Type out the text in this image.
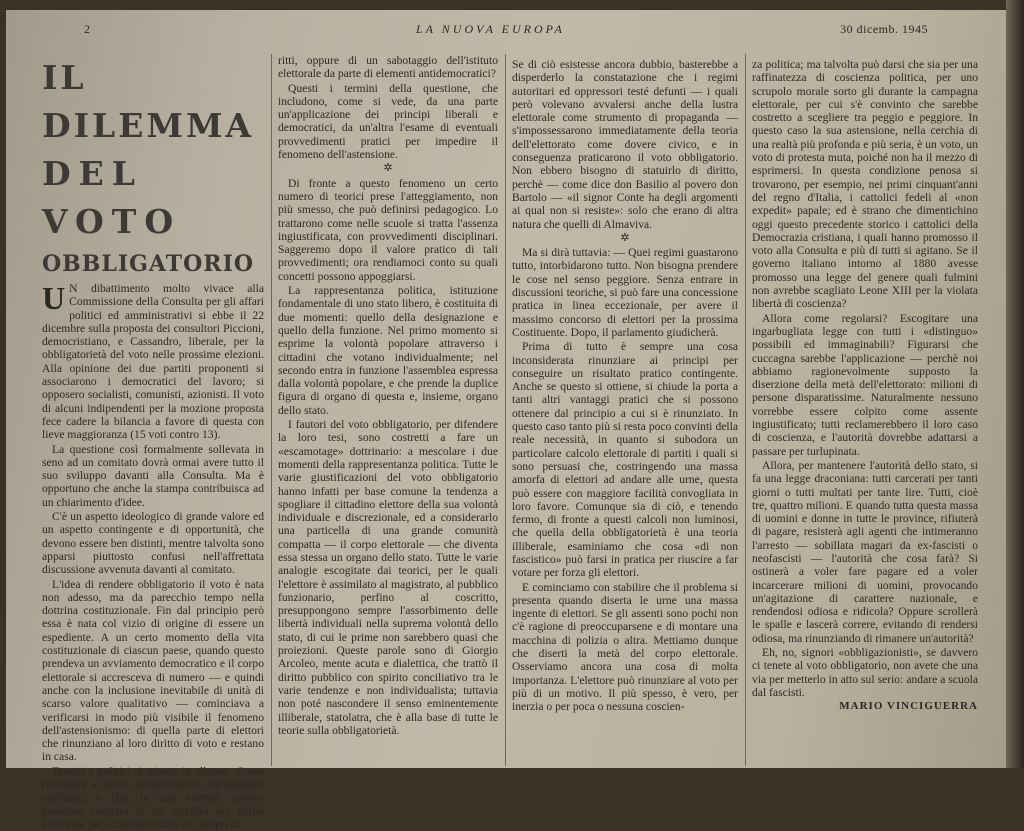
2	LA NUOVA EUROPA	30 dicemb. 1945
IL DILEMMA
DEL VOTO
OBBLIGATORIO

U N dibattimento molto vivace alla Commissione della Consulta per gli affari politici ed amministrativi si ebbe il 22 dicembre sulla proposta dei consultori Piccioni, democristiano, e Cassandro, liberale, per la obbligatorietà del voto nelle prossime elezioni. Alla opinione dei due partiti proponenti si associarono i democratici del lavoro; si opposero socialisti, comunisti, azionisti. Il voto di alcuni indipendenti per la mozione proposta fece cadere la bilancia a favore di questa con lieve maggioranza (15 voti contro 13).

La questione così formalmente sollevata in seno ad un comitato dovrà ormai avere tutto il suo sviluppo davanti alla Consulta. Ma è opportuno che anche la stampa contribuisca ad un chiarimento d'idee.

C'è un aspetto ideologico di grande valore ed un aspetto contingente e di opportunità, che devono essere ben distinti, mentre talvolta sono apparsi piuttosto confusi nell'affrettata discussione avvenuta davanti al comitato.

L'idea di rendere obbligatorio il voto è nata non adesso, ma da parecchio tempo nella dottrina costituzionale. Fin dal principio però essa è nata col vizio di origine di essere un espediente. A un certo momento della vita costituzionale di ciascun paese, quando questo prendeva un avviamento democratico e il corpo elettorale si accresceva di numero — e quindi anche con la inclusione inevitabile di unità di scarso valore qualitativo — cominciava a verificarsi in modo più visibile il fenomeno dell'astensionismo: di quella parte di elettori che rinunziano al loro diritto di voto e restano in casa.

Teorici e politici si misero in allarme. Come rimediare a questo inconveniente dell'allargato suffragio, e che, in casi estremi, poteva prendere l'aspetto di un suicidio del corpo elettorale per incomprensione dei propri di

ritti, oppure di un sabotaggio dell'istituto elettorale da parte di elementi antidemocratici?

Questi i termini della questione, che includono, come si vede, da una parte un'applicazione dei principi liberali e democratici, da un'altra l'esame di eventuali provvedimenti pratici per impedire il fenomeno dell'astensione.

✲

Di fronte a questo fenomeno un certo numero di teorici prese l'atteggiamento, non più smesso, che può definirsi pedagogico. Lo trattarono come nelle scuole si tratta l'assenza ingiustificata, con provvedimenti disciplinari. Saggeremo dopo il valore pratico di tali provvedimenti; ora rendiamoci conto su quali concetti possono appoggiarsi.

La rappresentanza politica, istituzione fondamentale di uno stato libero, è costituita di due momenti: quello della designazione e quello della funzione. Nel primo momento si esprime la volontà popolare attraverso i cittadini che votano individualmente; nel secondo entra in funzione l'assemblea espressa dalla volontà popolare, e che prende la duplice figura di organo di questa e, insieme, organo dello stato.

I fautori del voto obbligatorio, per difendere la loro tesi, sono costretti a fare un «escamotage» dottrinario: a mescolare i due momenti della rappresentanza politica. Tutte le varie giustificazioni del voto obbligatorio hanno infatti per base comune la tendenza a spogliare il cittadino elettore della sua volontà individuale e discrezionale, ed a considerarlo una particella di una grande comunità compatta — il corpo elettorale — che diventa essa stessa un organo dello stato. Tutte le varie analogie escogitate dai teorici, per le quali l'elettore è assimilato al magistrato, al pubblico funzionario, perfino al coscritto, presuppongono sempre l'assorbimento delle libertà individuali nella suprema volontà dello stato, di cui le prime non sarebbero quasi che proiezioni. Queste parole sono di Giorgio Arcoleo, mente acuta e dialettica, che trattò il diritto pubblico con spirito conciliativo tra le varie tendenze e non individualista; tuttavia non poté nascondere il senso eminentemente illiberale, statolatra, che è alla base di tutte le teorie sulla obbligatorietà.

Se di ciò esistesse ancora dubbio, basterebbe a disperderlo la constatazione che i regimi autoritari ed oppressori testé defunti — i quali però volevano avvalersi anche della lustra elettorale come strumento di propaganda — s'impossessarono immediatamente della teoria dell'elettorato come dovere civico, e in conseguenza praticarono il voto obbligatorio. Non ebbero bisogno di statuirlo di diritto, perchè — come dice don Basilio al povero don Bartolo — «il signor Conte ha degli argomenti ai qual non si resiste»: solo che erano di altra natura che quelli di Almaviva.

✲

Ma si dirà tuttavia: — Quei regimi guastarono tutto, intorbidarono tutto. Non bisogna prendere le cose nel senso peggiore. Senza entrare in discussioni teoriche, si può fare una concessione pratica in linea eccezionale, per avere il massimo concorso di elettori per la prossima Costituente. Dopo, il parlamento giudicherà.

Prima di tutto è sempre una cosa inconsiderata rinunziare ai principi per conseguire un risultato pratico contingente. Anche se questo si ottiene, si chiude la porta a tanti altri vantaggi pratici che si possono ottenere dal principio a cui si è rinunziato. In questo caso tanto più si resta poco convinti della reale necessità, in quanto si subodora un particolare calcolo elettorale di partiti i quali si sono persuasi che, costringendo una massa amorfa di elettori ad andare alle urne, questa può essere con maggiore facilità convogliata in loro favore. Comunque sia di ciò, e tenendo fermo, di fronte a questi calcoli non luminosi, che quella della obbligatorietà è una teoria illiberale, esaminiamo che cosa «di non fascistico» può farsi in pratica per riuscire a far votare per forza gli elettori.

E cominciamo con stabilire che il problema si presenta quando diserta le urne una massa ingente di elettori. Se gli assenti sono pochi non c'è ragione di preoccuparsene e di montare una macchina di polizia o altra. Mettiamo dunque che diserti la metà del corpo elettorale. Osserviamo ancora una cosa di molta importanza. L'elettore può rinunziare al voto per più di un motivo. Il più spesso, è vero, per inerzia o per poca o nessuna coscien-

za politica; ma talvolta può darsi che sia per una raffinatezza di coscienza politica, per uno scrupolo morale sorto gli durante la campagna elettorale, per cui s'è convinto che sarebbe costretto a scegliere tra peggio e peggiore. In questo caso la sua astensione, nella cerchia di una realtà più profonda e più seria, è un voto, un voto di protesta muta, poiché non ha il mezzo di esprimersi. In questa condizione penosa si trovarono, per esempio, nei primi cinquant'anni del regno d'Italia, i cattolici fedeli al «non expedit» papale; ed è strano che dimentichino oggi questo precedente storico i cattolici della Democrazia cristiana, i quali hanno promosso il voto alla Consulta e più di tutti si agitano. Se il governo italiano intorno al 1880 avesse promosso una legge del genere quali fulmini non avrebbe scagliato Leone XIII per la violata libertà di coscienza?

Allora come regolarsi? Escogitare una ingarbugliata legge con tutti i «distinguo» possibili ed immaginabili? Figurarsi che cuccagna sarebbe l'applicazione — perchè noi abbiamo ragionevolmente supposto la diserzione della metà dell'elettorato: milioni di persone disparatissime. Naturalmente nessuno vorrebbe essere colpito come assente ingiustificato; tutti reclamerebbero il loro caso di coscienza, e l'autorità dovrebbe adattarsi a passare per turlupinata.

Allora, per mantenere l'autorità dello stato, si fa una legge draconiana: tutti carcerati per tanti giorni o tutti multati per tante lire. Tutti, cioè tre, quattro milioni. E quando tutta questa massa di uomini e donne in tutte le province, rifiuterà di pagare, resisterà agli agenti che intimeranno l'arresto — sobillata magari da ex-fascisti o neofascisti — l'autorità che cosa farà? Si ostinerà a voler fare pagare ed a voler incarcerare milioni di uomini, provocando un'agitazione di carattere nazionale, e rendendosi odiosa e ridicola? Oppure scrollerà le spalle e lascerà correre, evitando di rendersi odiosa, ma rinunziando di rimanere un'autorità?

Eh, no, signori «obbligazionisti», se davvero ci tenete al voto obbligatorio, non avete che una via per metterlo in atto sul serio: andare a scuola dal fascisti.

MARIO VINCIGUERRA
